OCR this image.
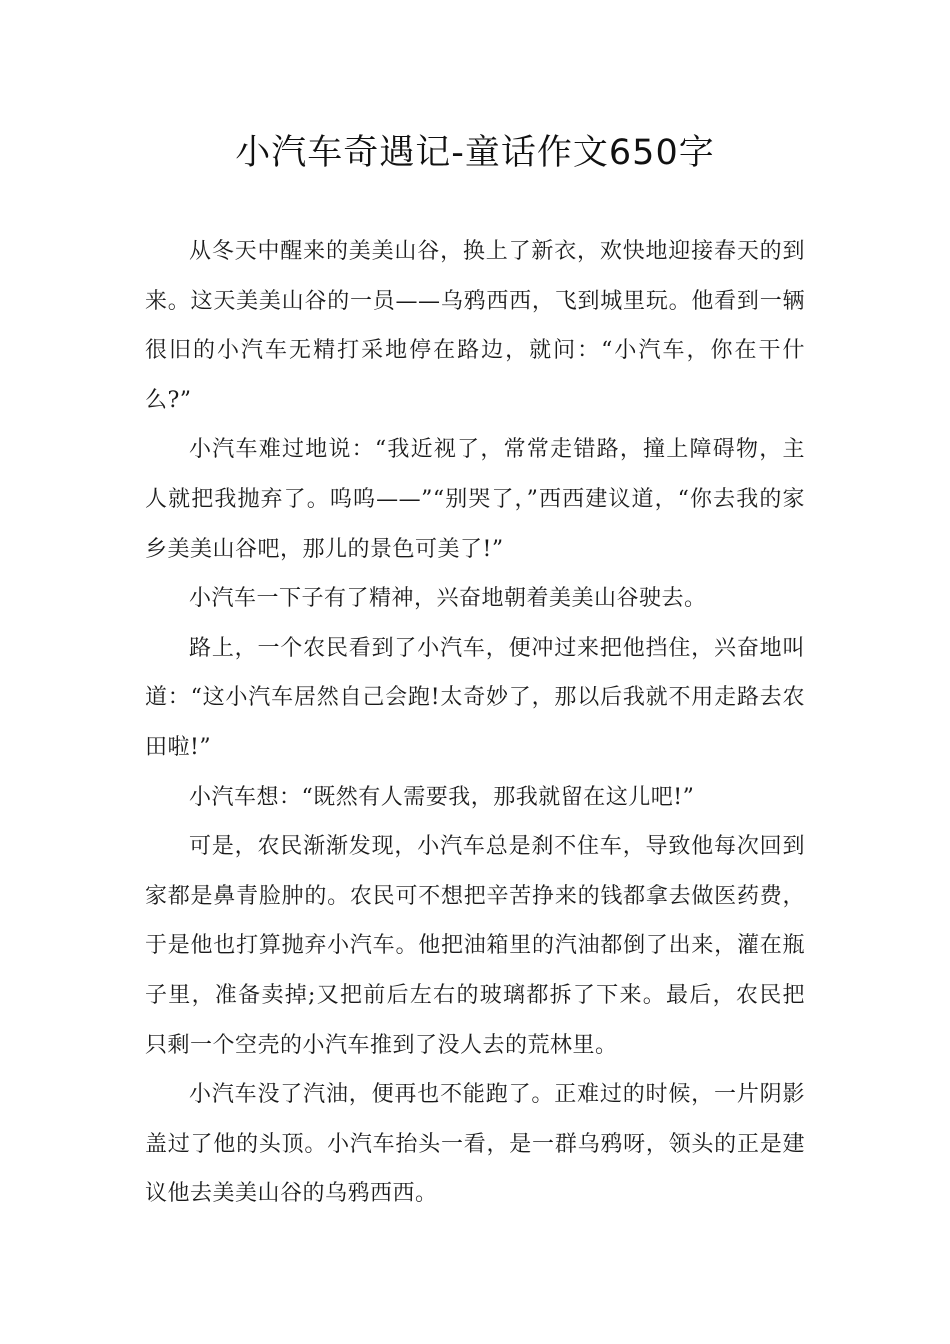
小汽车奇遇记-童话作文650字

从冬天中醒来的美美山谷，换上了新衣，欢快地迎接春天的到来。这天美美山谷的一员——乌鸦西西，飞到城里玩。他看到一辆很旧的小汽车无精打采地停在路边，就问：“小汽车，你在干什么?”

小汽车难过地说：“我近视了，常常走错路，撞上障碍物，主人就把我抛弃了。呜呜——”“别哭了，”西西建议道，“你去我的家乡美美山谷吧，那儿的景色可美了!”

小汽车一下子有了精神，兴奋地朝着美美山谷驶去。

路上，一个农民看到了小汽车，便冲过来把他挡住，兴奋地叫道：“这小汽车居然自己会跑!太奇妙了，那以后我就不用走路去农田啦!”

小汽车想：“既然有人需要我，那我就留在这儿吧!”

可是，农民渐渐发现，小汽车总是刹不住车，导致他每次回到家都是鼻青脸肿的。农民可不想把辛苦挣来的钱都拿去做医药费，于是他也打算抛弃小汽车。他把油箱里的汽油都倒了出来，灌在瓶子里，准备卖掉;又把前后左右的玻璃都拆了下来。最后，农民把只剩一个空壳的小汽车推到了没人去的荒林里。

小汽车没了汽油，便再也不能跑了。正难过的时候，一片阴影盖过了他的头顶。小汽车抬头一看，是一群乌鸦呀，领头的正是建议他去美美山谷的乌鸦西西。
